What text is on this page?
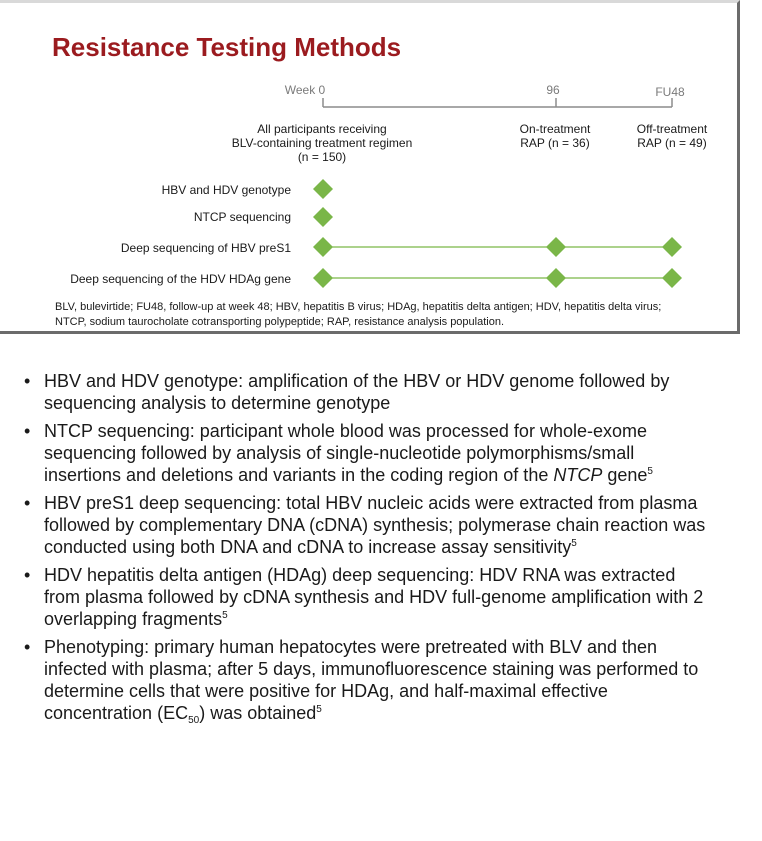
Resistance Testing Methods
Week 0	96	FU48
All participants receiving
BLV-containing treatment regimen
(n = 150)
On-treatment
RAP (n = 36)
Off-treatment
RAP (n = 49)
HBV and HDV genotype
NTCP sequencing
Deep sequencing of HBV preS1
Deep sequencing of the HDV HDAg gene
BLV, bulevirtide; FU48, follow-up at week 48; HBV, hepatitis B virus; HDAg, hepatitis delta antigen; HDV, hepatitis delta virus;
NTCP, sodium taurocholate cotransporting polypeptide; RAP, resistance analysis population.
• HBV and HDV genotype: amplification of the HBV or HDV genome followed by sequencing analysis to determine genotype
• NTCP sequencing: participant whole blood was processed for whole-exome sequencing followed by analysis of single-nucleotide polymorphisms/small insertions and deletions and variants in the coding region of the NTCP gene$^5$
• HBV preS1 deep sequencing: total HBV nucleic acids were extracted from plasma followed by complementary DNA (cDNA) synthesis; polymerase chain reaction was conducted using both DNA and cDNA to increase assay sensitivity$^5$
• HDV hepatitis delta antigen (HDAg) deep sequencing: HDV RNA was extracted from plasma followed by cDNA synthesis and HDV full-genome amplification with 2 overlapping fragments$^5$
• Phenotyping: primary human hepatocytes were pretreated with BLV and then infected with plasma; after 5 days, immunofluorescence staining was performed to determine cells that were positive for HDAg, and half-maximal effective concentration $(EC_{50})$ was obtained$^5$
